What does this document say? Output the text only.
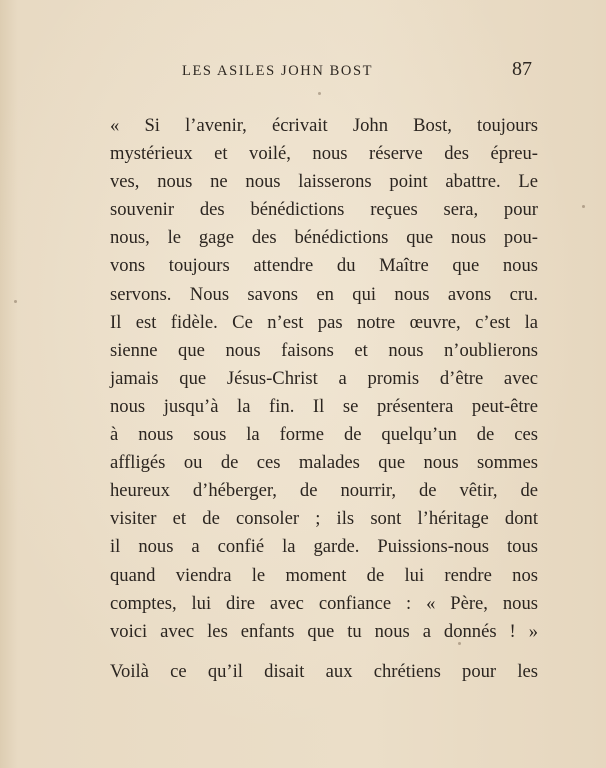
LES ASILES JOHN BOST	87
« Si l’avenir, écrivait John Bost, toujours
mystérieux et voilé, nous réserve des épreu-
ves, nous ne nous laisserons point abattre. Le
souvenir des bénédictions reçues sera, pour
nous, le gage des bénédictions que nous pou-
vons toujours attendre du Maître que nous
servons. Nous savons en qui nous avons cru.
Il est fidèle. Ce n’est pas notre œuvre, c’est la
sienne que nous faisons et nous n’oublierons
jamais que Jésus-Christ a promis d’être avec
nous jusqu’à la fin. Il se présentera peut-être
à nous sous la forme de quelqu’un de ces
affligés ou de ces malades que nous sommes
heureux d’héberger, de nourrir, de vêtir, de
visiter et de consoler ; ils sont l’héritage dont
il nous a confié la garde. Puissions-nous tous
quand viendra le moment de lui rendre nos
comptes, lui dire avec confiance : « Père, nous
voici avec les enfants que tu nous a donnés ! »
Voilà ce qu’il disait aux chrétiens pour les
